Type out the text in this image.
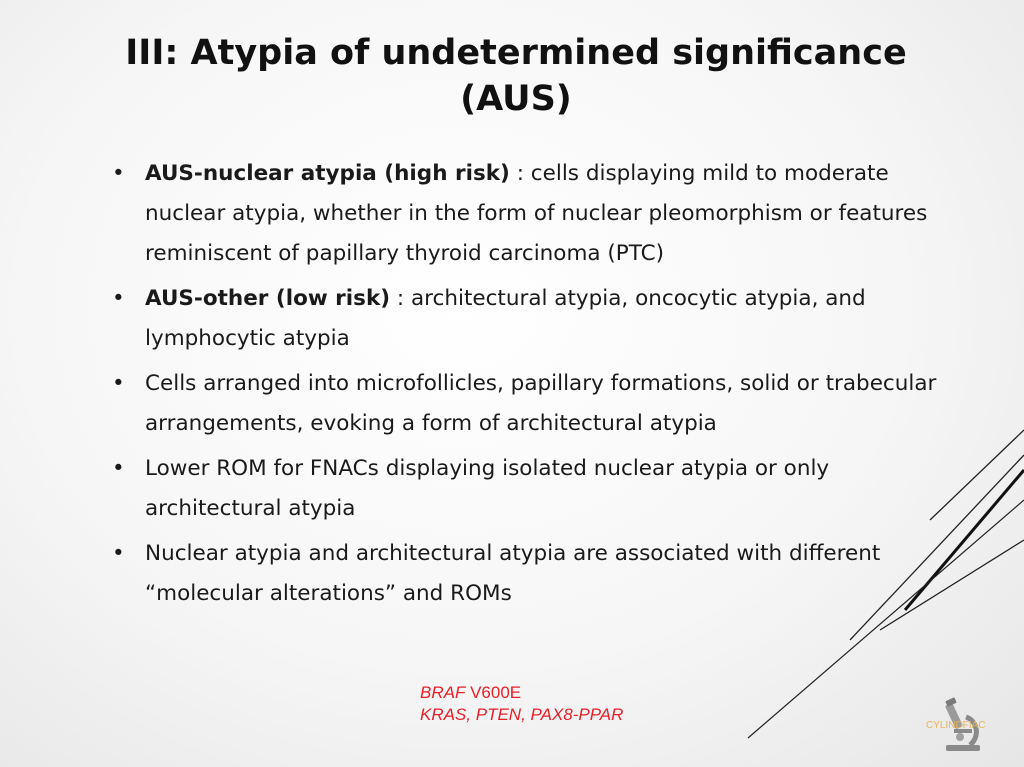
III: Atypia of undetermined significance
(AUS)
• AUS-nuclear atypia (high risk) : cells displaying mild to moderate nuclear atypia, whether in the form of nuclear pleomorphism or features reminiscent of papillary thyroid carcinoma (PTC)
• AUS-other (low risk) : architectural atypia, oncocytic atypia, and lymphocytic atypia
• Cells arranged into microfollicles, papillary formations, solid or trabecular arrangements, evoking a form of architectural atypia
• Lower ROM for FNACs displaying isolated nuclear atypia or only architectural atypia
• Nuclear atypia and architectural atypia are associated with different “molecular alterations” and ROMs
BRAF V600E
KRAS, PTEN, PAX8-PPAR
CYLINDFIAC
